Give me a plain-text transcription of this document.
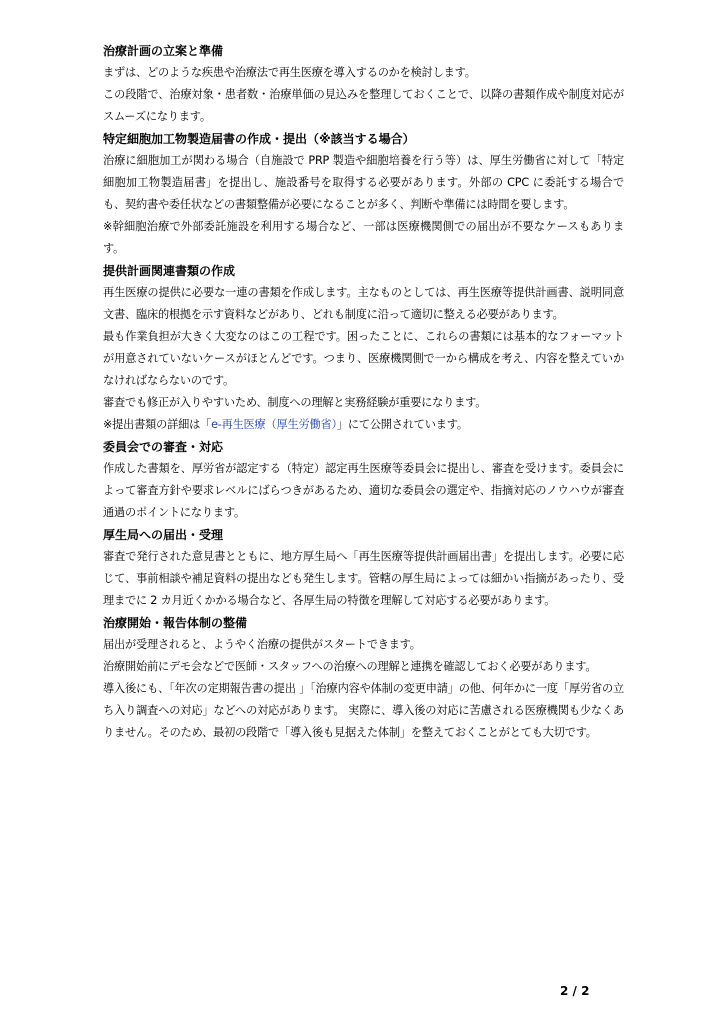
治療計画の立案と準備

まずは、どのような疾患や治療法で再生医療を導入するのかを検討します。

この段階で、治療対象・患者数・治療単価の見込みを整理しておくことで、以降の書類作成や制度対応がスムーズになります。

特定細胞加工物製造届書の作成・提出（※該当する場合）

治療に細胞加工が関わる場合（自施設で PRP 製造や細胞培養を行う等）は、厚生労働省に対して「特定細胞加工物製造届書」を提出し、施設番号を取得する必要があります。外部の CPC に委託する場合でも、契約書や委任状などの書類整備が必要になることが多く、判断や準備には時間を要します。

※幹細胞治療で外部委託施設を利用する場合など、一部は医療機関側での届出が不要なケースもあります。

提供計画関連書類の作成

再生医療の提供に必要な一連の書類を作成します。主なものとしては、再生医療等提供計画書、説明同意文書、臨床的根拠を示す資料などがあり、どれも制度に沿って適切に整える必要があります。

最も作業負担が大きく大変なのはこの工程です。困ったことに、これらの書類には基本的なフォーマットが用意されていないケースがほとんどです。つまり、医療機関側で一から構成を考え、内容を整えていかなければならないのです。

審査でも修正が入りやすいため、制度への理解と実務経験が重要になります。

※提出書類の詳細は「e-再生医療（厚生労働省）」にて公開されています。

委員会での審査・対応

作成した書類を、厚労省が認定する（特定）認定再生医療等委員会に提出し、審査を受けます。委員会によって審査方針や要求レベルにばらつきがあるため、適切な委員会の選定や、指摘対応のノウハウが審査通過のポイントになります。

厚生局への届出・受理

審査で発行された意見書とともに、地方厚生局へ「再生医療等提供計画届出書」を提出します。必要に応じて、事前相談や補足資料の提出なども発生します。管轄の厚生局によっては細かい指摘があったり、受理までに 2 カ月近くかかる場合など、各厚生局の特徴を理解して対応する必要があります。

治療開始・報告体制の整備

届出が受理されると、ようやく治療の提供がスタートできます。

治療開始前にデモ会などで医師・スタッフへの治療への理解と連携を確認しておく必要があります。

導入後にも、「年次の定期報告書の提出 」「治療内容や体制の変更申請」の他、何年かに一度「厚労省の立ち入り調査への対応」などへの対応があります。 実際に、導入後の対応に苦慮される医療機関も少なくありません。そのため、最初の段階で「導入後も見据えた体制」を整えておくことがとても大切です。

2 / 2
